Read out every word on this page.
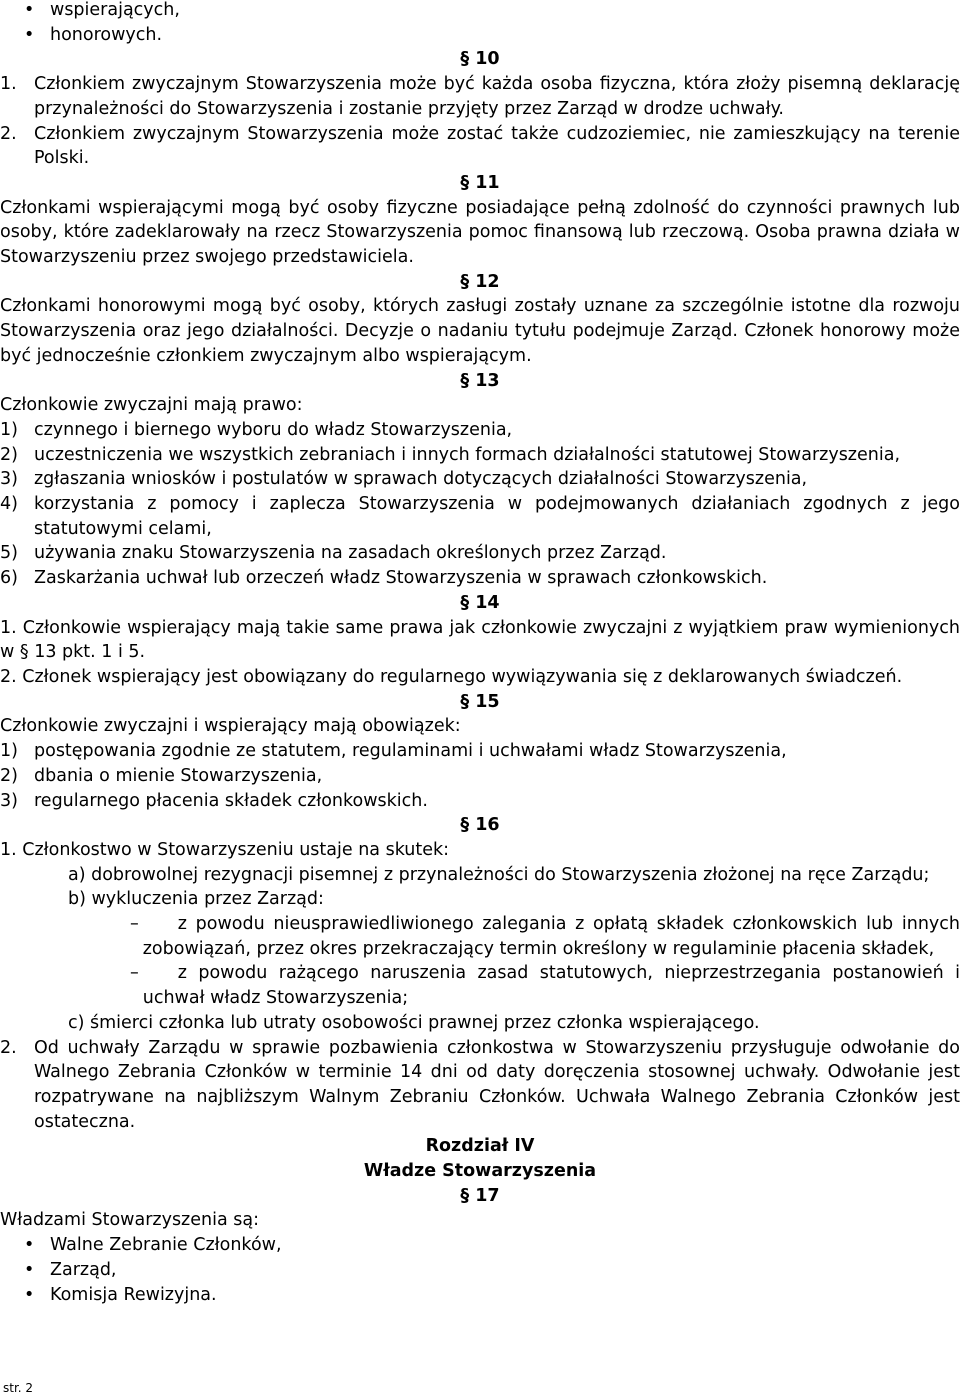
• wspierających,
• honorowych.

§ 10

1. Członkiem zwyczajnym Stowarzyszenia może być każda osoba fizyczna, która złoży pisemną deklarację przynależności do Stowarzyszenia i zostanie przyjęty przez Zarząd w drodze uchwały.
2. Członkiem zwyczajnym Stowarzyszenia może zostać także cudzoziemiec, nie zamieszkujący na terenie Polski.

§ 11

Członkami wspierającymi mogą być osoby fizyczne posiadające pełną zdolność do czynności prawnych lub osoby, które zadeklarowały na rzecz Stowarzyszenia pomoc finansową lub rzeczową. Osoba prawna działa w Stowarzyszeniu przez swojego przedstawiciela.

§ 12

Członkami honorowymi mogą być osoby, których zasługi zostały uznane za szczególnie istotne dla rozwoju Stowarzyszenia oraz jego działalności. Decyzje o nadaniu tytułu podejmuje Zarząd. Członek honorowy może być jednocześnie członkiem zwyczajnym albo wspierającym.

§ 13

Członkowie zwyczajni mają prawo:

1) czynnego i biernego wyboru do władz Stowarzyszenia,
2) uczestniczenia we wszystkich zebraniach i innych formach działalności statutowej Stowarzyszenia,
3) zgłaszania wniosków i postulatów w sprawach dotyczących działalności Stowarzyszenia,
4) korzystania z pomocy i zaplecza Stowarzyszenia w podejmowanych działaniach zgodnych z jego statutowymi celami,
5) używania znaku Stowarzyszenia na zasadach określonych przez Zarząd.
6) Zaskarżania uchwał lub orzeczeń władz Stowarzyszenia w sprawach członkowskich.

§ 14

1. Członkowie wspierający mają takie same prawa jak członkowie zwyczajni z wyjątkiem praw wymienionych w § 13 pkt. 1 i 5.

2. Członek wspierający jest obowiązany do regularnego wywiązywania się z deklarowanych świadczeń.

§ 15

Członkowie zwyczajni i wspierający mają obowiązek:

1) postępowania zgodnie ze statutem, regulaminami i uchwałami władz Stowarzyszenia,
2) dbania o mienie Stowarzyszenia,
3) regularnego płacenia składek członkowskich.

§ 16

1. Członkostwo w Stowarzyszeniu ustaje na skutek:

a) dobrowolnej rezygnacji pisemnej z przynależności do Stowarzyszenia złożonej na ręce Zarządu;
b) wykluczenia przez Zarząd:
–	z powodu nieusprawiedliwionego zalegania z opłatą składek członkowskich lub innych zobowiązań, przez okres przekraczający termin określony w regulaminie płacenia składek,
–	z powodu rażącego naruszenia zasad statutowych, nieprzestrzegania postanowień i uchwał władz Stowarzyszenia;
c) śmierci członka lub utraty osobowości prawnej przez członka wspierającego.
2. Od uchwały Zarządu w sprawie pozbawienia członkostwa w Stowarzyszeniu przysługuje odwołanie do Walnego Zebrania Członków w terminie 14 dni od daty doręczenia stosownej uchwały. Odwołanie jest rozpatrywane na najbliższym Walnym Zebraniu Członków. Uchwała Walnego Zebrania Członków jest ostateczna.

Rozdział IV

Władze Stowarzyszenia

§ 17

Władzami Stowarzyszenia są:

• Walne Zebranie Członków,
• Zarząd,
• Komisja Rewizyjna.
str. 2
